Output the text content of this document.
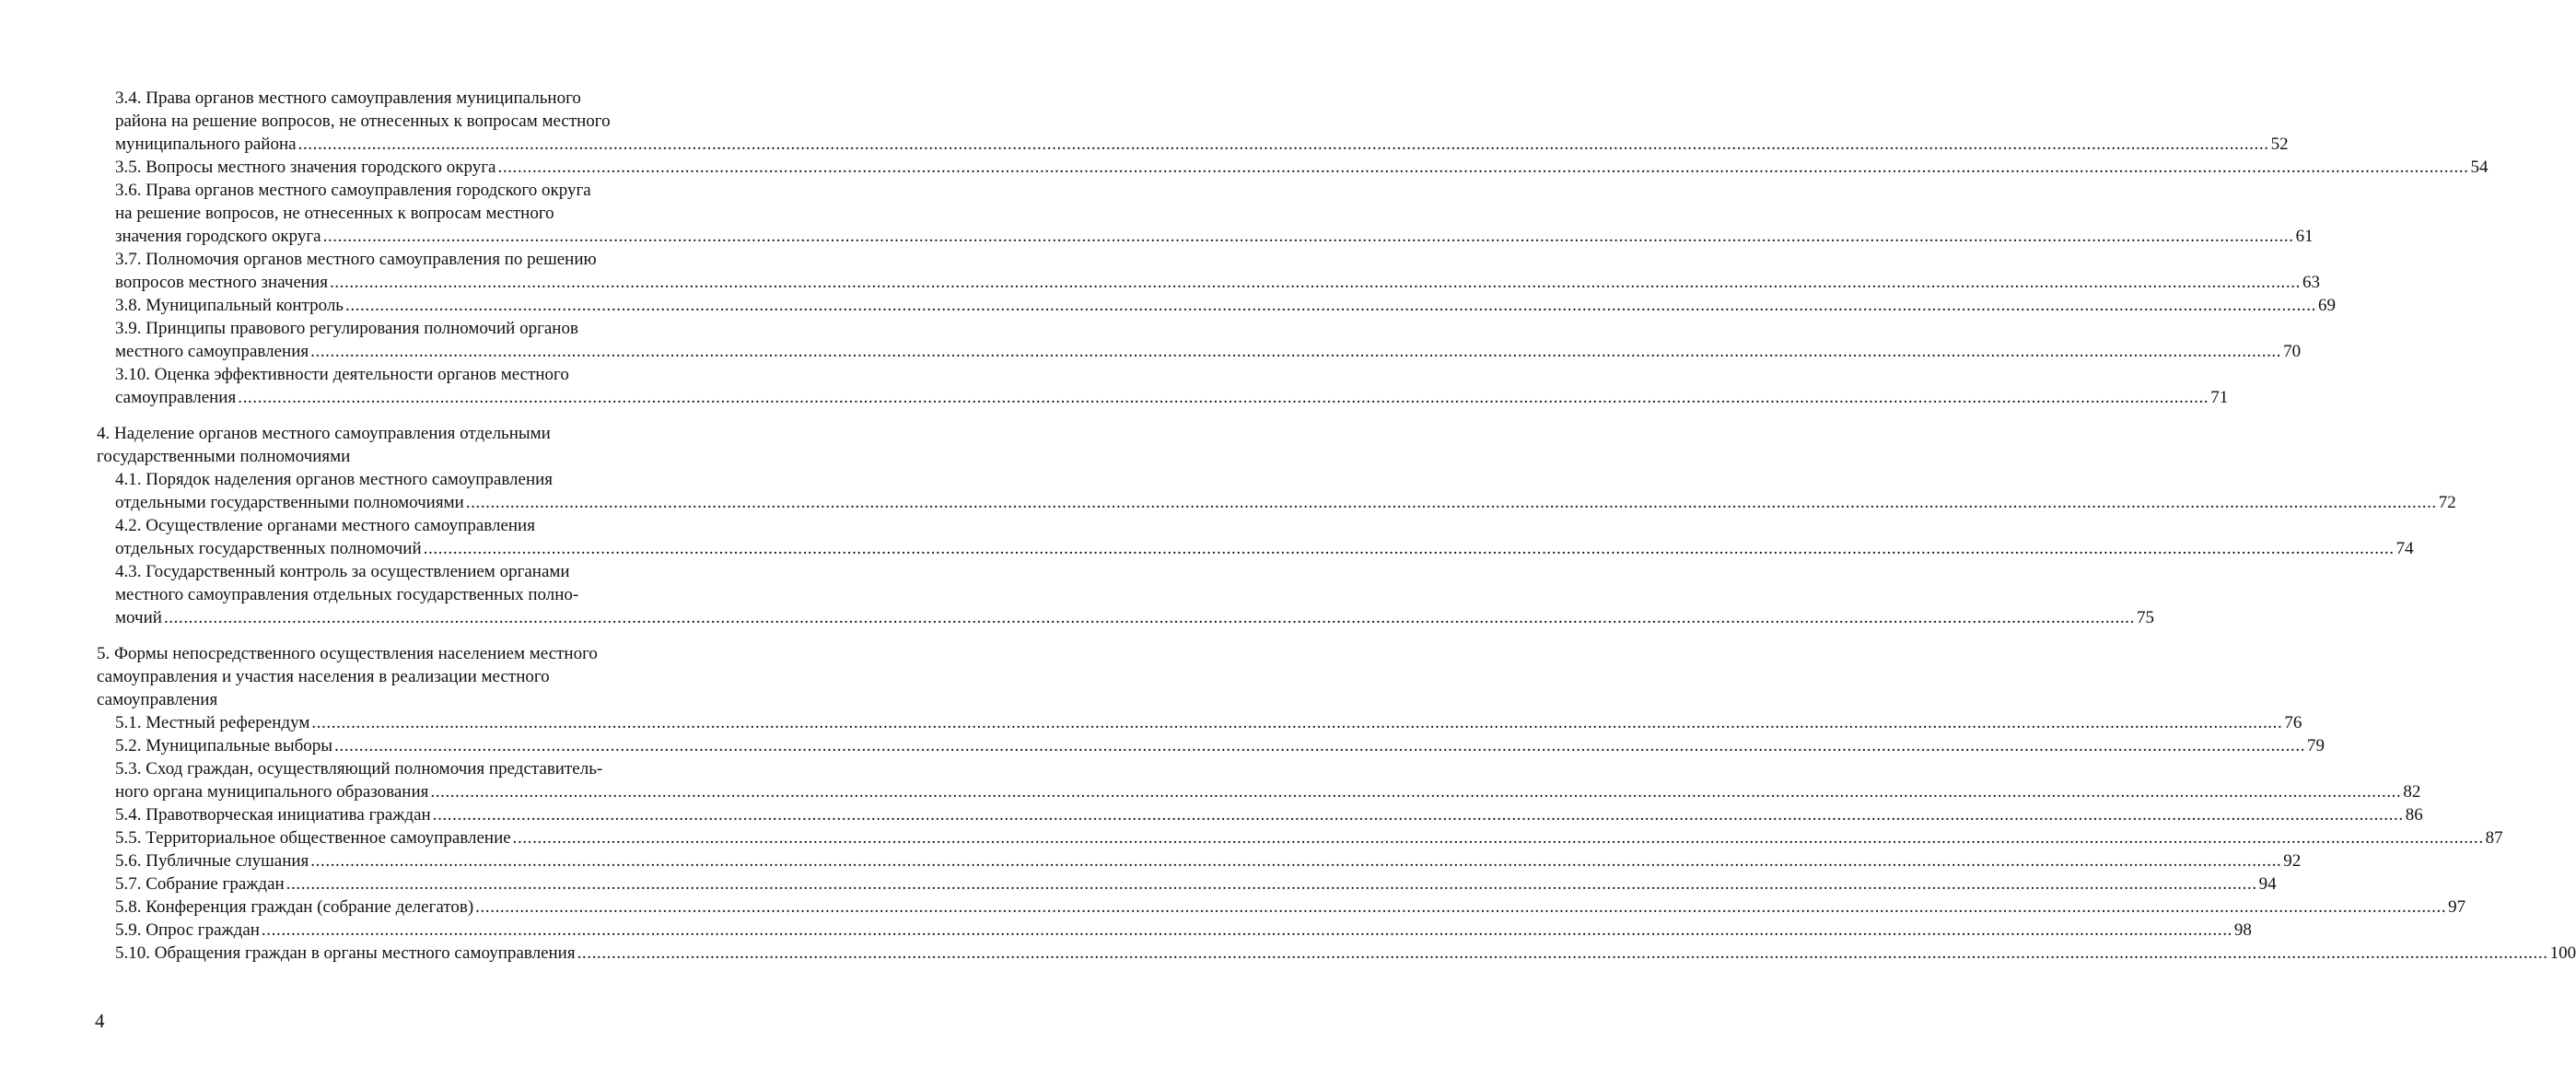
3.4. Права органов местного самоуправления муниципального
района на решение вопросов, не отнесенных к вопросам местного
муниципального района ................................................................................................................................................................................................................................................................................................................................................................................................................ 52
3.5. Вопросы местного значения городского округа ................................................................................................................................................................................................................................................................................................................................................................................................................ 54
3.6. Права органов местного самоуправления городского округа
на решение вопросов, не отнесенных к вопросам местного
значения городского округа ................................................................................................................................................................................................................................................................................................................................................................................................................ 61
3.7. Полномочия органов местного самоуправления по решению
вопросов местного значения ................................................................................................................................................................................................................................................................................................................................................................................................................ 63
3.8. Муниципальный контроль ................................................................................................................................................................................................................................................................................................................................................................................................................ 69
3.9. Принципы правового регулирования полномочий органов
местного самоуправления ................................................................................................................................................................................................................................................................................................................................................................................................................ 70
3.10. Оценка эффективности деятельности органов местного
самоуправления ................................................................................................................................................................................................................................................................................................................................................................................................................ 71
4. Наделение органов местного самоуправления отдельными
государственными полномочиями
4.1. Порядок наделения органов местного самоуправления
отдельными государственными полномочиями ................................................................................................................................................................................................................................................................................................................................................................................................................ 72
4.2. Осуществление органами местного самоуправления
отдельных государственных полномочий ................................................................................................................................................................................................................................................................................................................................................................................................................ 74
4.3. Государственный контроль за осуществлением органами
местного самоуправления отдельных государственных полно-
мочий ................................................................................................................................................................................................................................................................................................................................................................................................................ 75
5. Формы непосредственного осуществления населением местного
самоуправления и участия населения в реализации местного
самоуправления
5.1. Местный референдум ................................................................................................................................................................................................................................................................................................................................................................................................................ 76
5.2. Муниципальные выборы ................................................................................................................................................................................................................................................................................................................................................................................................................ 79
5.3. Сход граждан, осуществляющий полномочия представитель-
ного органа муниципального образования ................................................................................................................................................................................................................................................................................................................................................................................................................ 82
5.4. Правотворческая инициатива граждан ................................................................................................................................................................................................................................................................................................................................................................................................................ 86
5.5. Территориальное общественное самоуправление ................................................................................................................................................................................................................................................................................................................................................................................................................ 87
5.6. Публичные слушания ................................................................................................................................................................................................................................................................................................................................................................................................................ 92
5.7. Собрание граждан ................................................................................................................................................................................................................................................................................................................................................................................................................ 94
5.8. Конференция граждан (собрание делегатов) ................................................................................................................................................................................................................................................................................................................................................................................................................ 97
5.9. Опрос граждан ................................................................................................................................................................................................................................................................................................................................................................................................................ 98
5.10. Обращения граждан в органы местного самоуправления ................................................................................................................................................................................................................................................................................................................................................................................................................ 100
4
